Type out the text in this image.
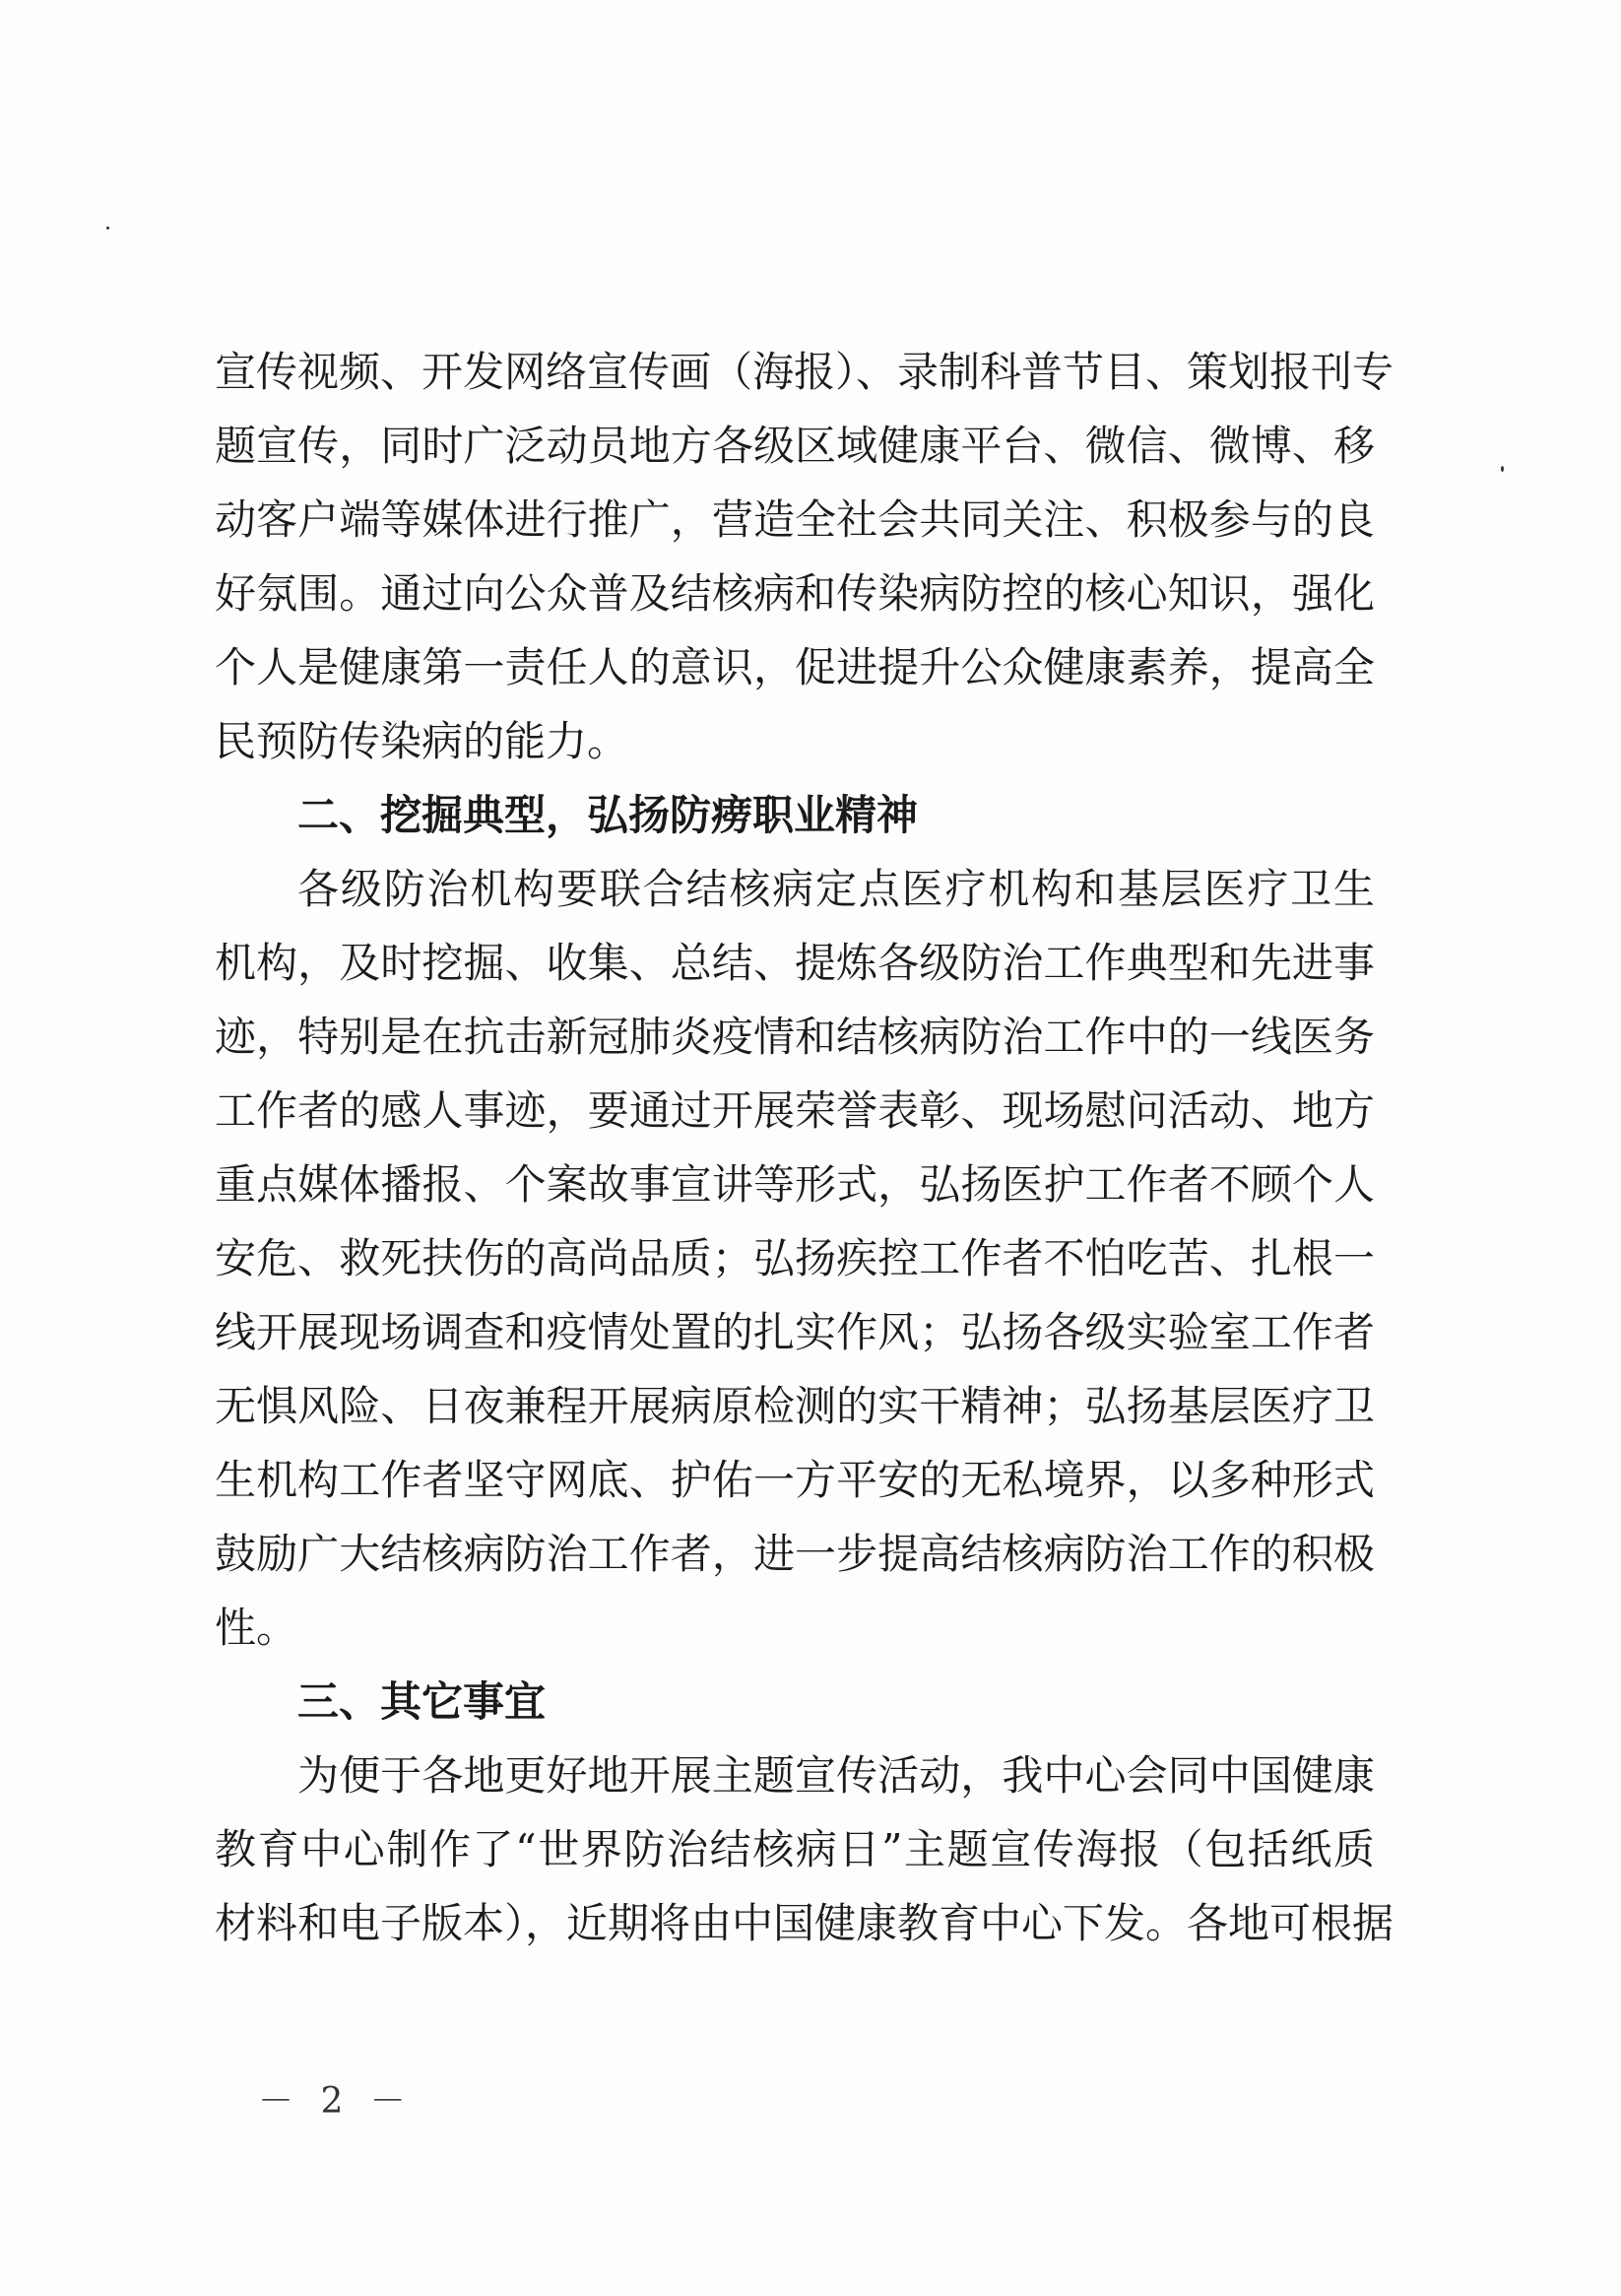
宣传视频、开发网络宣传画（海报）、录制科普节目、策划报刊专
题宣传，同时广泛动员地方各级区域健康平台、微信、微博、移
动客户端等媒体进行推广，营造全社会共同关注、积极参与的良
好氛围。通过向公众普及结核病和传染病防控的核心知识，强化
个人是健康第一责任人的意识，促进提升公众健康素养，提高全
民预防传染病的能力。
二、挖掘典型，弘扬防痨职业精神
各级防治机构要联合结核病定点医疗机构和基层医疗卫生
机构，及时挖掘、收集、总结、提炼各级防治工作典型和先进事
迹，特别是在抗击新冠肺炎疫情和结核病防治工作中的一线医务
工作者的感人事迹，要通过开展荣誉表彰、现场慰问活动、地方
重点媒体播报、个案故事宣讲等形式，弘扬医护工作者不顾个人
安危、救死扶伤的高尚品质；弘扬疾控工作者不怕吃苦、扎根一
线开展现场调查和疫情处置的扎实作风；弘扬各级实验室工作者
无惧风险、日夜兼程开展病原检测的实干精神；弘扬基层医疗卫
生机构工作者坚守网底、护佑一方平安的无私境界，以多种形式
鼓励广大结核病防治工作者，进一步提高结核病防治工作的积极
性。
三、其它事宜
为便于各地更好地开展主题宣传活动，我中心会同中国健康
教育中心制作了“世界防治结核病日”主题宣传海报（包括纸质
材料和电子版本），近期将由中国健康教育中心下发。各地可根据
－ 2 －
